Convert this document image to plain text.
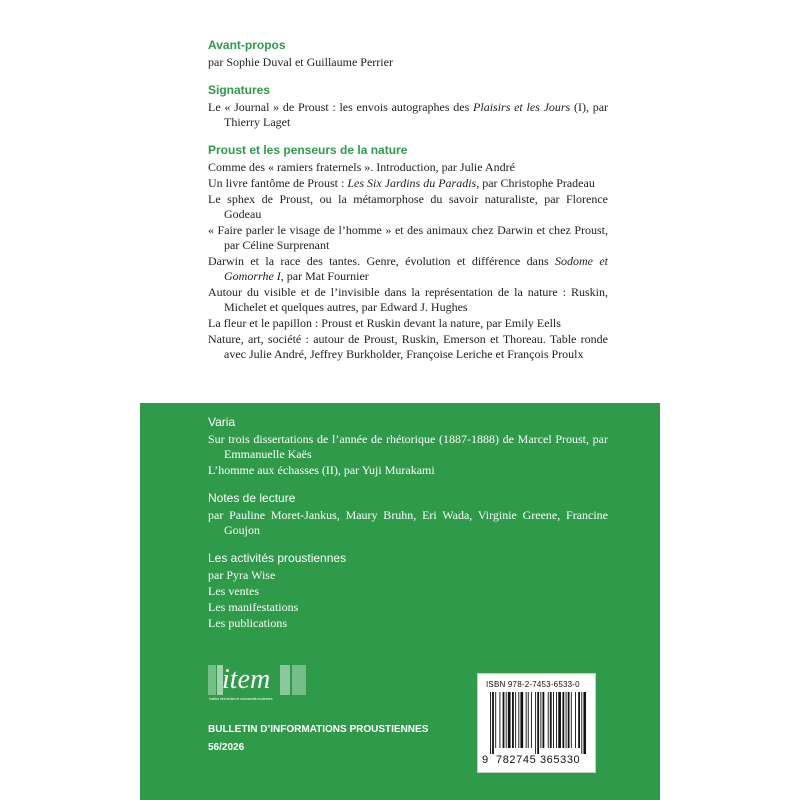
Avant-propos
par Sophie Duval et Guillaume Perrier
Signatures
Le « Journal » de Proust : les envois autographes des Plaisirs et les Jours (I), par Thierry Laget
Proust et les penseurs de la nature
Comme des « ramiers fraternels ». Introduction, par Julie André
Un livre fantôme de Proust : Les Six Jardins du Paradis, par Christophe Pradeau
Le sphex de Proust, ou la métamorphose du savoir naturaliste, par Florence Godeau
« Faire parler le visage de l’homme » et des animaux chez Darwin et chez Proust, par Céline Surprenant
Darwin et la race des tantes. Genre, évolution et différence dans Sodome et Gomorrhe I, par Mat Fournier
Autour du visible et de l’invisible dans la représentation de la nature : Ruskin, Michelet et quelques autres, par Edward J. Hughes
La fleur et le papillon : Proust et Ruskin devant la nature, par Emily Eells
Nature, art, société : autour de Proust, Ruskin, Emerson et Thoreau. Table ronde avec Julie André, Jeffrey Burkholder, Françoise Leriche et François Proulx
Varia
Sur trois dissertations de l’année de rhétorique (1887-1888) de Marcel Proust, par Emmanuelle Kaës
L’homme aux échasses (II), par Yuji Murakami
Notes de lecture
par Pauline Moret-Jankus, Maury Bruhn, Eri Wada, Virginie Greene, Francine Goujon
Les activités proustiennes
par Pyra Wise
Les ventes
Les manifestations
Les publications
item
Institut des textes et manuscrits modernes
BULLETIN D’INFORMATIONS PROUSTIENNES
56/2026
ISBN 978-2-7453-6533-0
9 782745 365330
